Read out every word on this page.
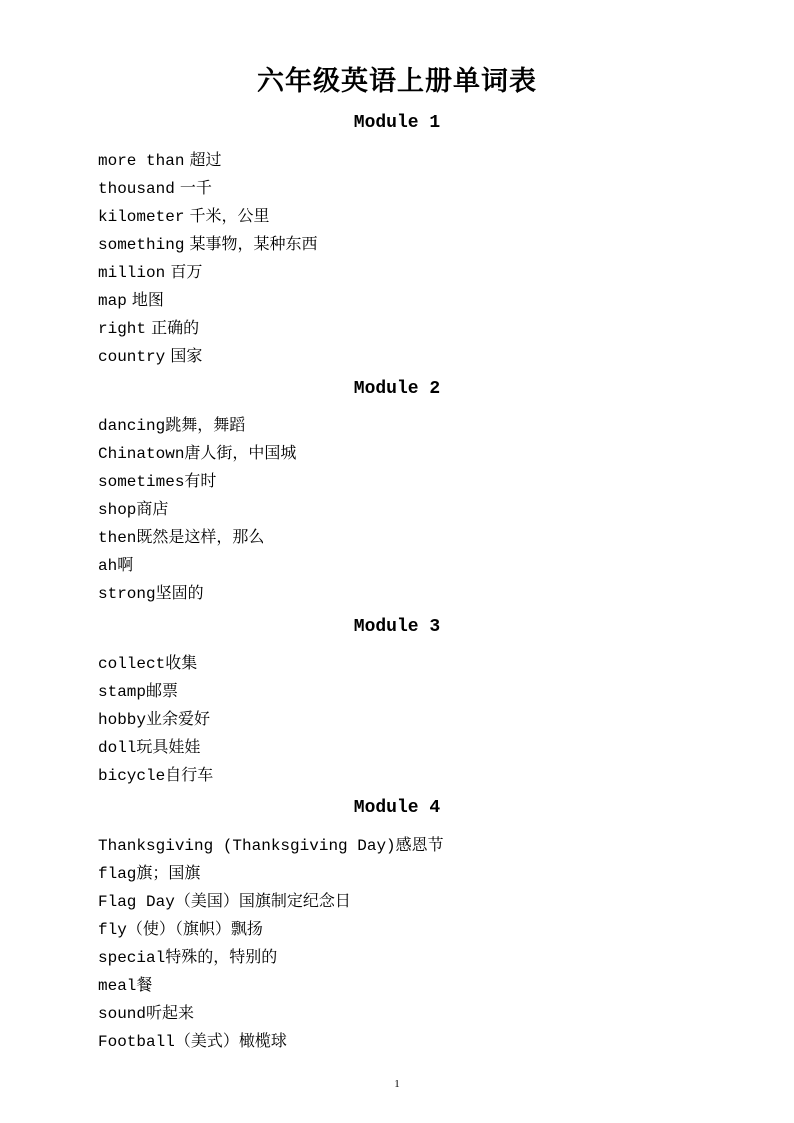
六年级英语上册单词表
Module 1
more than 超过
thousand 一千
kilometer 千米，公里
something 某事物，某种东西
million 百万
map 地图
right 正确的
country 国家
Module 2
dancing跳舞，舞蹈
Chinatown唐人街，中国城
sometimes有时
shop商店
then既然是这样，那么
ah啊
strong坚固的
Module 3
collect收集
stamp邮票
hobby业余爱好
doll玩具娃娃
bicycle自行车
Module 4
Thanksgiving (Thanksgiving Day)感恩节
flag旗；国旗
Flag Day（美国）国旗制定纪念日
fly（使）（旗帜）飘扬
special特殊的，特别的
meal餐
sound听起来
Football（美式）橄榄球
1
